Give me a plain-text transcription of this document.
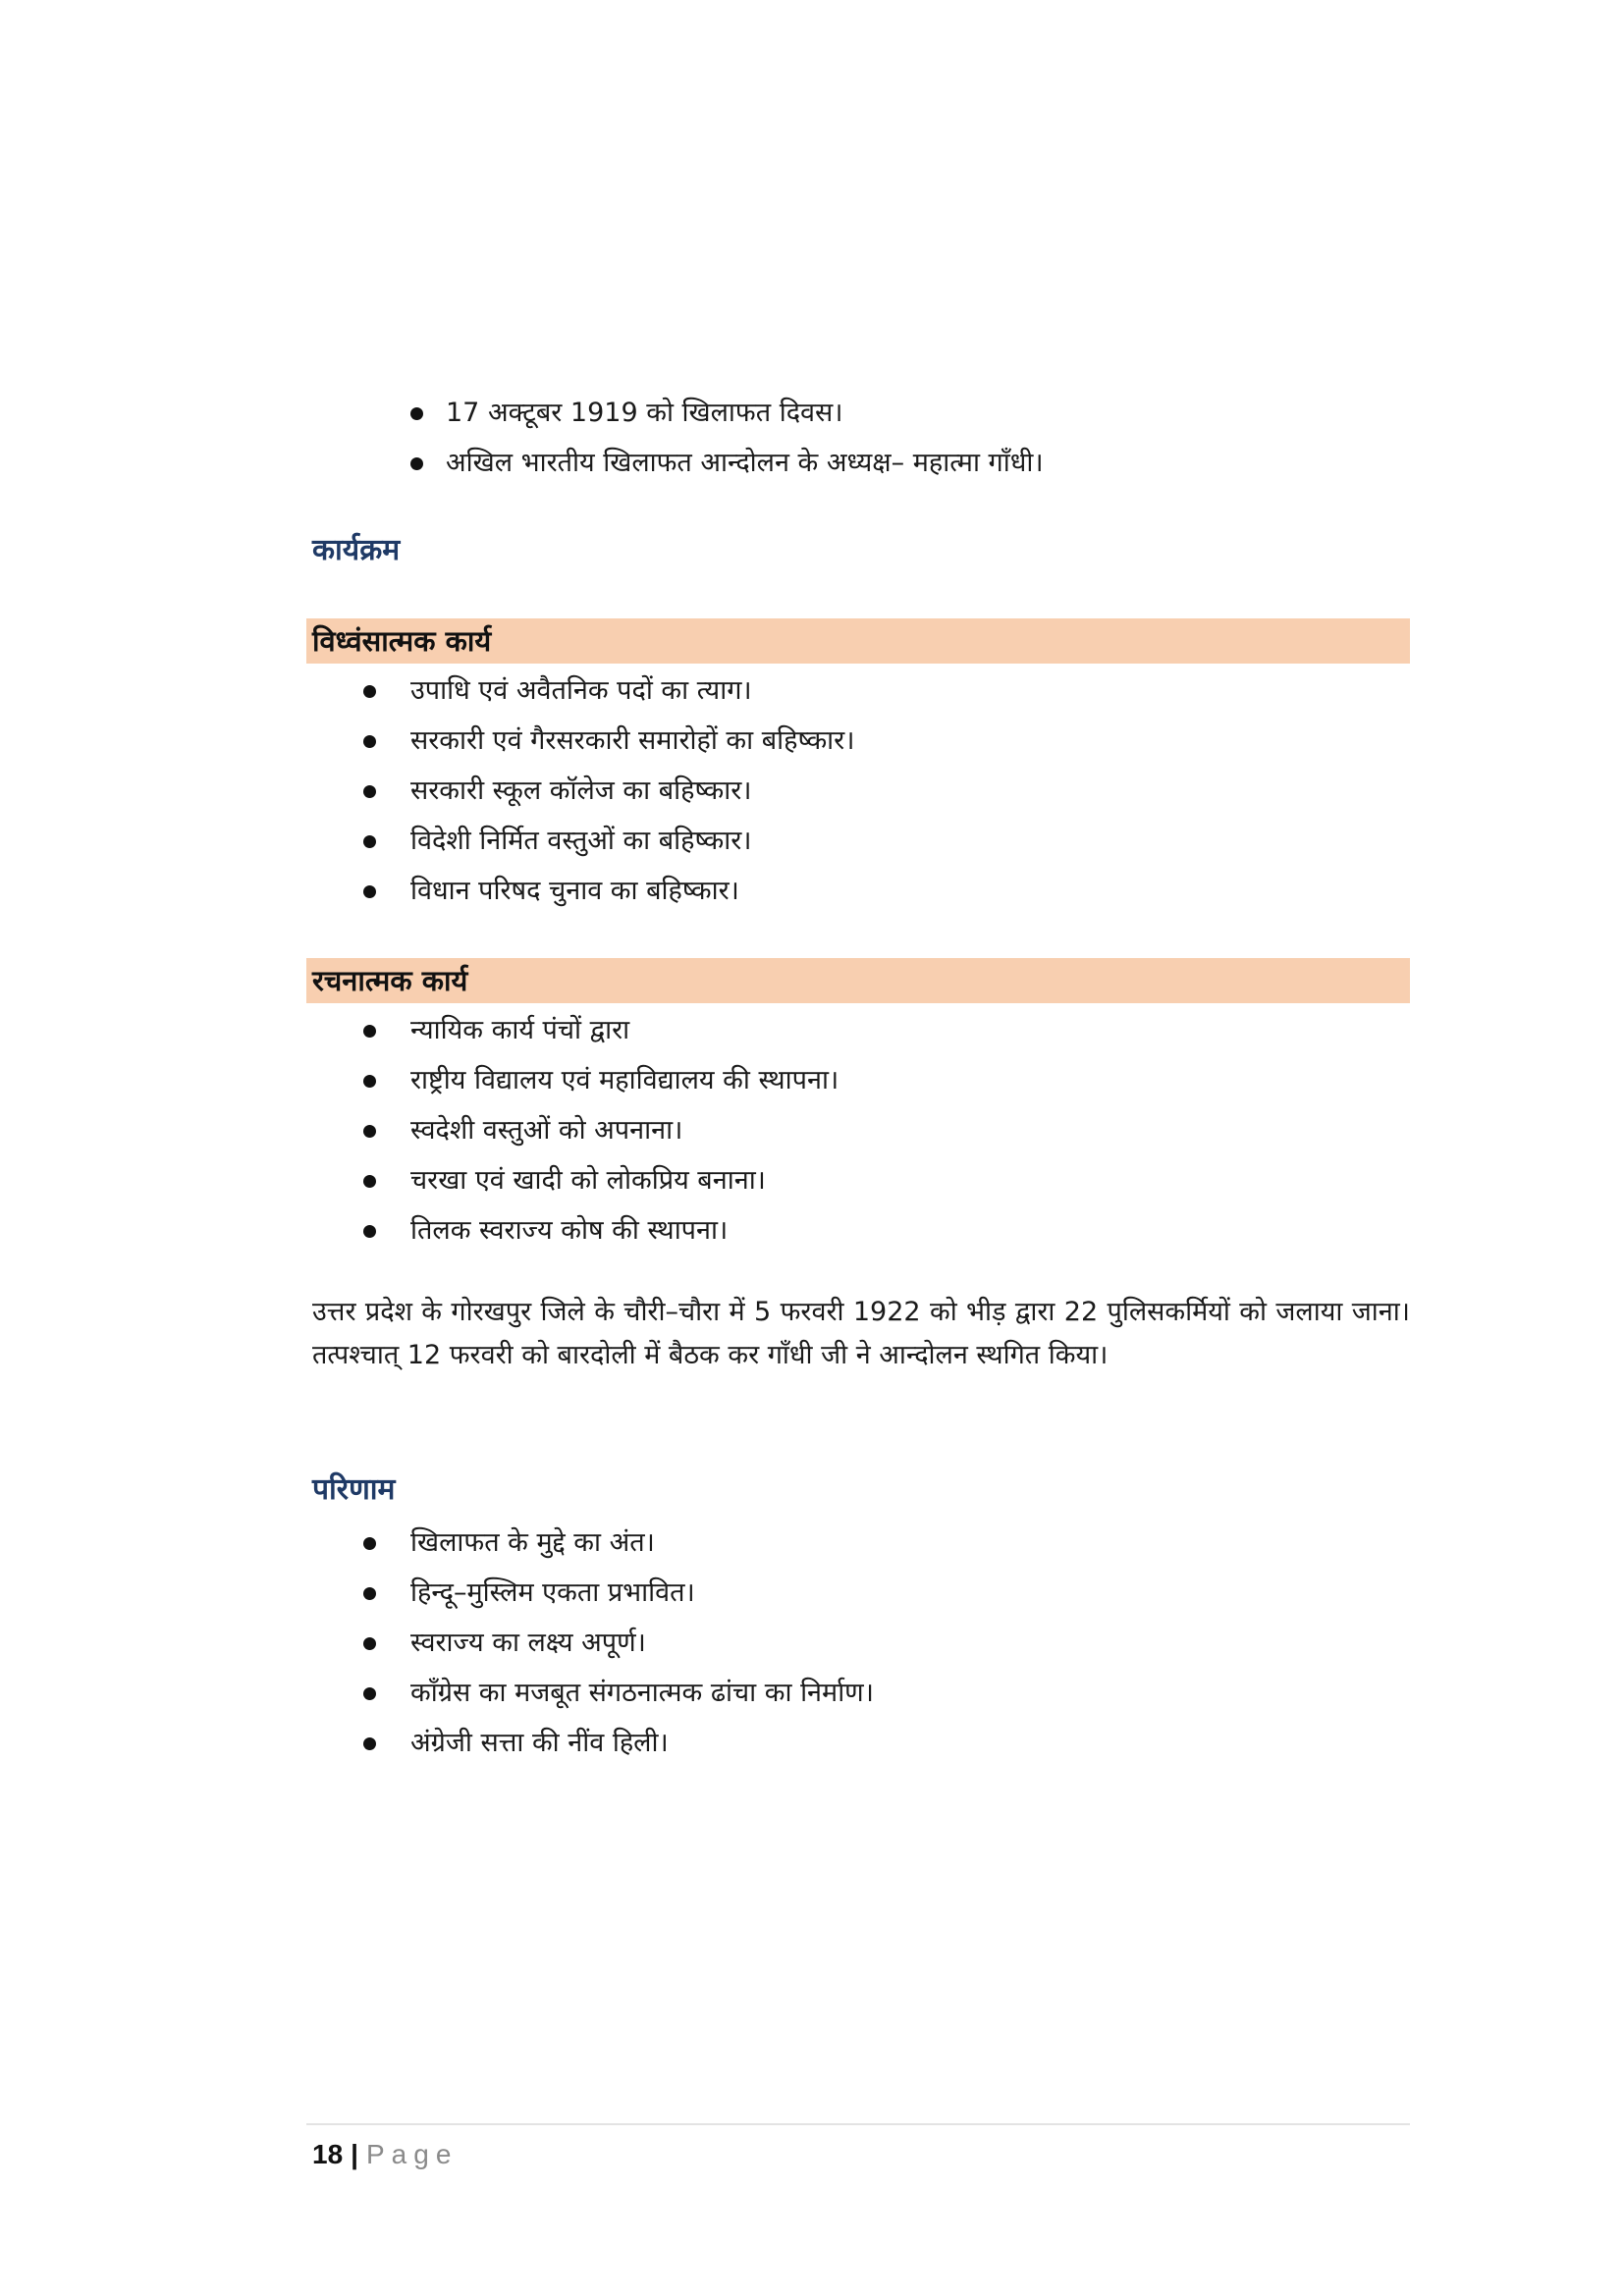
17 अक्टूबर 1919 को खिलाफत दिवस।
अखिल भारतीय खिलाफत आन्दोलन के अध्यक्ष– महात्मा गाँधी।
कार्यक्रम
विध्वंसात्मक कार्य
उपाधि एवं अवैतनिक पदों का त्याग।
सरकारी एवं गैरसरकारी समारोहों का बहिष्कार।
सरकारी स्कूल कॉलेज का बहिष्कार।
विदेशी निर्मित वस्तुओं का बहिष्कार।
विधान परिषद चुनाव का बहिष्कार।
रचनात्मक कार्य
न्यायिक कार्य पंचों द्वारा
राष्ट्रीय विद्यालय एवं महाविद्यालय की स्थापना।
स्वदेशी वस्तुओं को अपनाना।
चरखा एवं खादी को लोकप्रिय बनाना।
तिलक स्वराज्य कोष की स्थापना।

उत्तर प्रदेश के गोरखपुर जिले के चौरी–चौरा में 5 फरवरी 1922 को भीड़ द्वारा 22 पुलिसकर्मियों को जलाया जाना। तत्पश्चात् 12 फरवरी को बारदोली में बैठक कर गाँधी जी ने आन्दोलन स्थगित किया।

परिणाम
खिलाफत के मुद्दे का अंत।
हिन्दू–मुस्लिम एकता प्रभावित।
स्वराज्य का लक्ष्य अपूर्ण।
कॉंग्रेस का मजबूत संगठनात्मक ढांचा का निर्माण।
अंग्रेजी सत्ता की नींव हिली।
18 | Page
